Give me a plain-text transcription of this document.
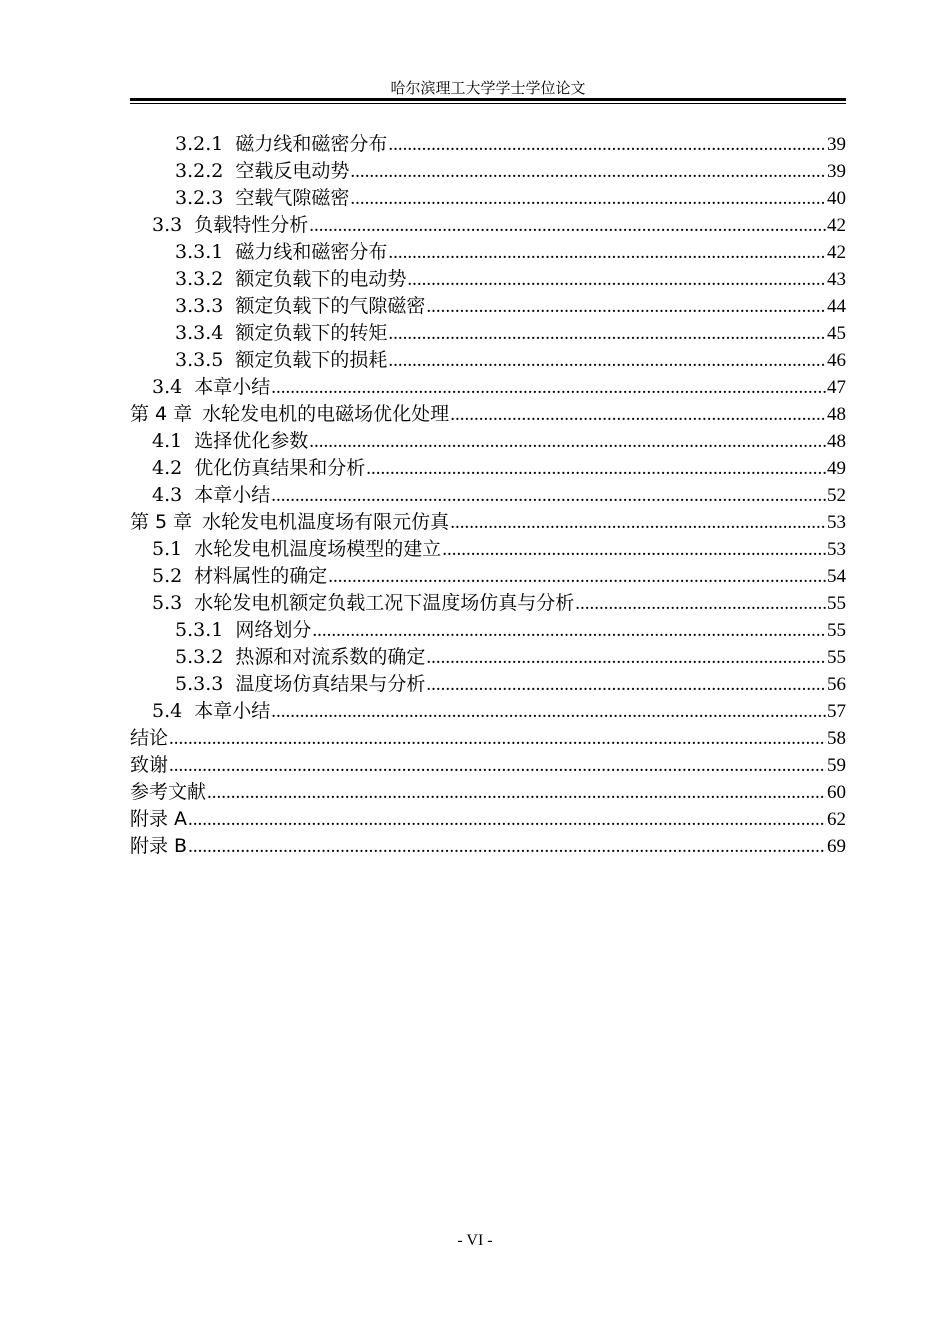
哈尔滨理工大学学士学位论文
3.2.1 磁力线和磁密分布 .....	39
3.2.2 空载反电动势 .....	39
3.2.3 空载气隙磁密 .....	40
3.3 负载特性分析 .....	42
3.3.1 磁力线和磁密分布 .....	42
3.3.2 额定负载下的电动势 .....	43
3.3.3 额定负载下的气隙磁密 .....	44
3.3.4 额定负载下的转矩 .....	45
3.3.5 额定负载下的损耗 .....	46
3.4 本章小结 .....	47
第 4 章 水轮发电机的电磁场优化处理 .....	48
4.1 选择优化参数 .....	48
4.2 优化仿真结果和分析 .....	49
4.3 本章小结 .....	52
第 5 章 水轮发电机温度场有限元仿真 .....	53
5.1 水轮发电机温度场模型的建立 .....	53
5.2 材料属性的确定 .....	54
5.3 水轮发电机额定负载工况下温度场仿真与分析 .....	55
5.3.1 网络划分 .....	55
5.3.2 热源和对流系数的确定 .....	55
5.3.3 温度场仿真结果与分析 .....	56
5.4 本章小结 .....	57
结论 .....	58
致谢 .....	59
参考文献 .....	60
附录 A .....	62
附录 B .....	69
- VI -
